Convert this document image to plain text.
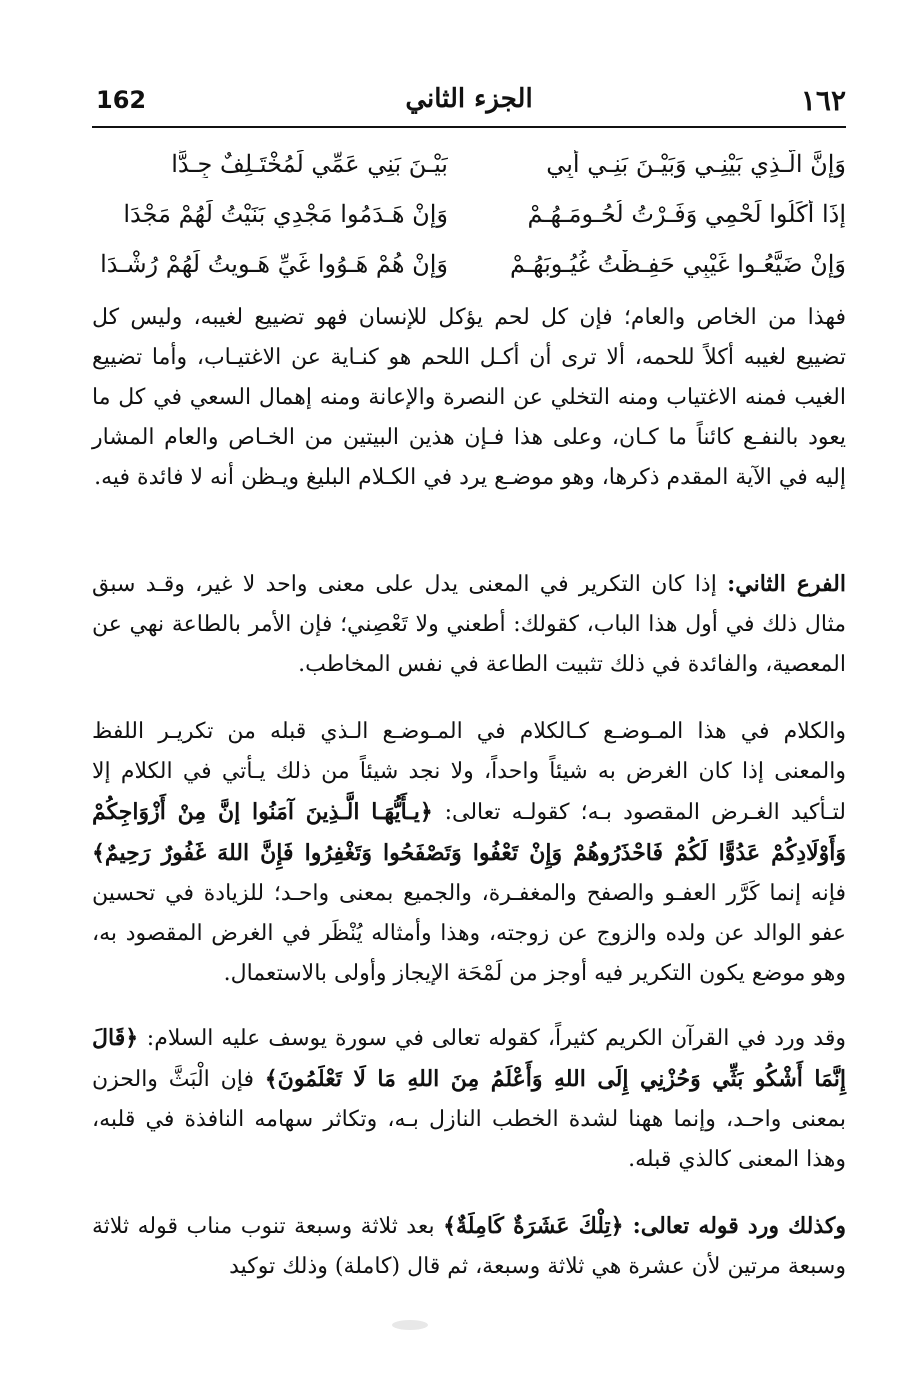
162	الجزء الثاني	١٦٢
وَإنَّ الَّـذِي بَيْنِـي وَبَيْـنَ بَنِـي أَبِي
بَيْـنَ بَنِي عَمِّي لَمُخْتَـلِفٌ جِـدًّا
إِذَا أَكَلُوا لَحْمِي وَفَـرْتُ لُحُـومَـهُـمْ
وَإِنْ هَـدَمُوا مَجْدِي بَنَيْتُ لَهُمْ مَجْدَا
وَإِنْ ضَيَّعُـوا غَيْبِي حَفِـظْتُ غُيُـوبَهُـمْ
وَإِنْ هُمْ هَـوُوا غَيِّ هَـوِيتُ لَهُمْ رُشْـدَا

فهذا من الخاص والعام؛ فإن كل لحم يؤكل للإنسان فهو تضييع لغيبه، وليس كل تضييع لغيبه أكلاً للحمه، ألا ترى أن أكـل اللحم هو كنـاية عن الاغتيـاب، وأما تضييع الغيب فمنه الاغتياب ومنه التخلي عن النصرة والإعانة ومنه إهمال السعي في كل ما يعود بالنفـع كائناً ما كـان، وعلى هذا فـإن هذين البيتين من الخـاص والعام المشار إليه في الآية المقدم ذكرها، وهو موضـع يرد في الكـلام البليغ ويـظن أنه لا فائدة فيه.

الفرع الثاني: إذا كان التكرير في المعنى يدل على معنى واحد لا غير، وقـد سبق مثال ذلك في أول هذا الباب، كقولك: أطعني ولا تَعْصِني؛ فإن الأمر بالطاعة نهي عن المعصية، والفائدة في ذلك تثبيت الطاعة في نفس المخاطب.

والكلام في هذا المـوضـع كـالكلام في المـوضـع الـذي قبله من تكريـر اللفظ والمعنى إذا كان الغرض به شيئاً واحداً، ولا نجد شيئاً من ذلك يـأتي في الكلام إلا لتـأكيد الغـرض المقصود بـه؛ كقولـه تعالى: ﴿يـأَيُّهَـا الَّـذِينَ آمَنُوا إنَّ مِنْ أَزْوَاجِكُمْ وَأَوْلَادِكُمْ عَدُوًّا لَكُمْ فَاحْذَرُوهُمْ وَإِنْ تَعْفُوا وَتَصْفَحُوا وَتَغْفِرُوا فَإِنَّ اللهَ غَفُورٌ رَحِيمٌ﴾ فإنه إنما كَرَّر العفـو والصفح والمغفـرة، والجميع بمعنى واحـد؛ للزيادة في تحسين عفو الوالد عن ولده والزوج عن زوجته، وهذا وأمثاله يُنْظَر في الغرض المقصود به، وهو موضع يكون التكرير فيه أوجز من لَمْحَة الإيجاز وأولى بالاستعمال.

وقد ورد في القرآن الكريم كثيراً، كقوله تعالى في سورة يوسف عليه السلام: ﴿قَالَ إِنَّمَا أَشْكُو بَثِّي وَحُزْنِي إِلَى اللهِ وَأَعْلَمُ مِنَ اللهِ مَا لَا تَعْلَمُونَ﴾ فإن الْبَثَّ والحزن بمعنى واحـد، وإنما ههنا لشدة الخطب النازل بـه، وتكاثر سهامه النافذة في قلبه، وهذا المعنى كالذي قبله.

وكذلك ورد قوله تعالى: ﴿تِلْكَ عَشَرَةٌ كَامِلَةٌ﴾ بعد ثلاثة وسبعة تنوب مناب قوله ثلاثة وسبعة مرتين لأن عشرة هي ثلاثة وسبعة، ثم قال (كاملة) وذلك توكيد
